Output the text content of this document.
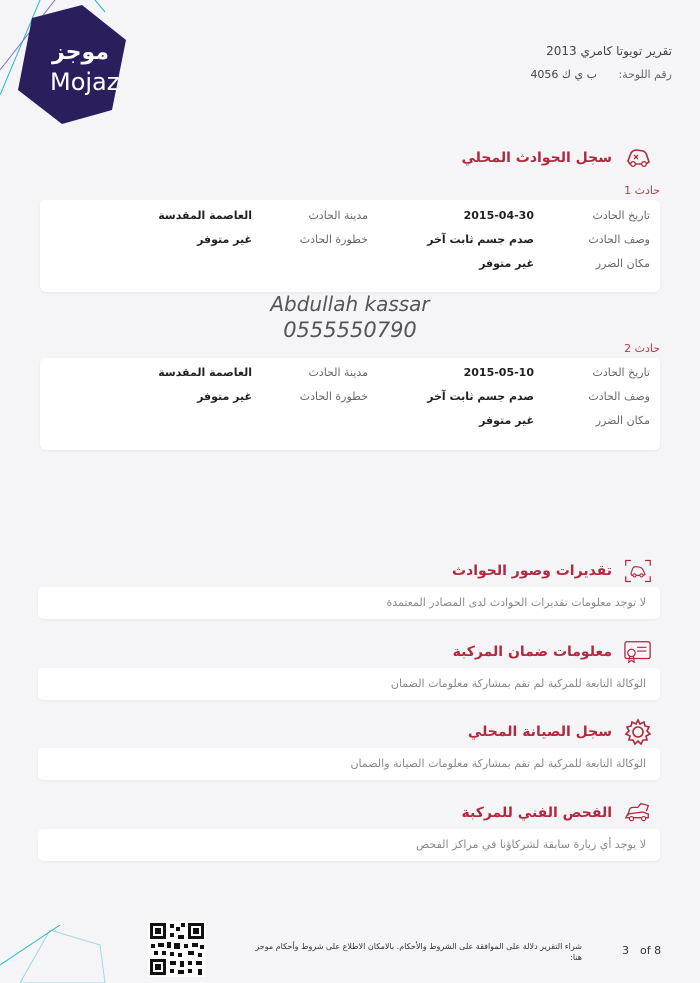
موجز
Mojaz
تقرير تويوتا كامري 2013
رقم اللوحة: ب ي ك 4056
سجل الحوادث المحلي
حادث 1
تاريخ الحادث
2015-04-30
مدينة الحادث
العاصمة المقدسة
وصف الحادث
صدم جسم ثابت آخر
خطورة الحادث
غير متوفر
مكان الضرر
غير متوفر
Abdullah kassar
0555550790
حادث 2
تاريخ الحادث
2015-05-10
مدينة الحادث
العاصمة المقدسة
وصف الحادث
صدم جسم ثابت آخر
خطورة الحادث
غير متوفر
مكان الضرر
غير متوفر
تقديرات وصور الحوادث
لا توجد معلومات تقديرات الحوادث لدى المصادر المعتمدة
معلومات ضمان المركبة
الوكالة التابعة للمركبة لم تقم بمشاركة معلومات الضمان
سجل الصيانة المحلي
الوكالة التابعة للمركبة لم تقم بمشاركة معلومات الصيانة والضمان
الفحص الفني للمركبة
لا يوجد أي زيارة سابقة لشركاؤنا في مراكز الفحص
شراء التقرير دلالة على الموافقة على الشروط والأحكام. بالامكان الاطلاع على شروط وأحكام موجز هنا:
3 of 8
